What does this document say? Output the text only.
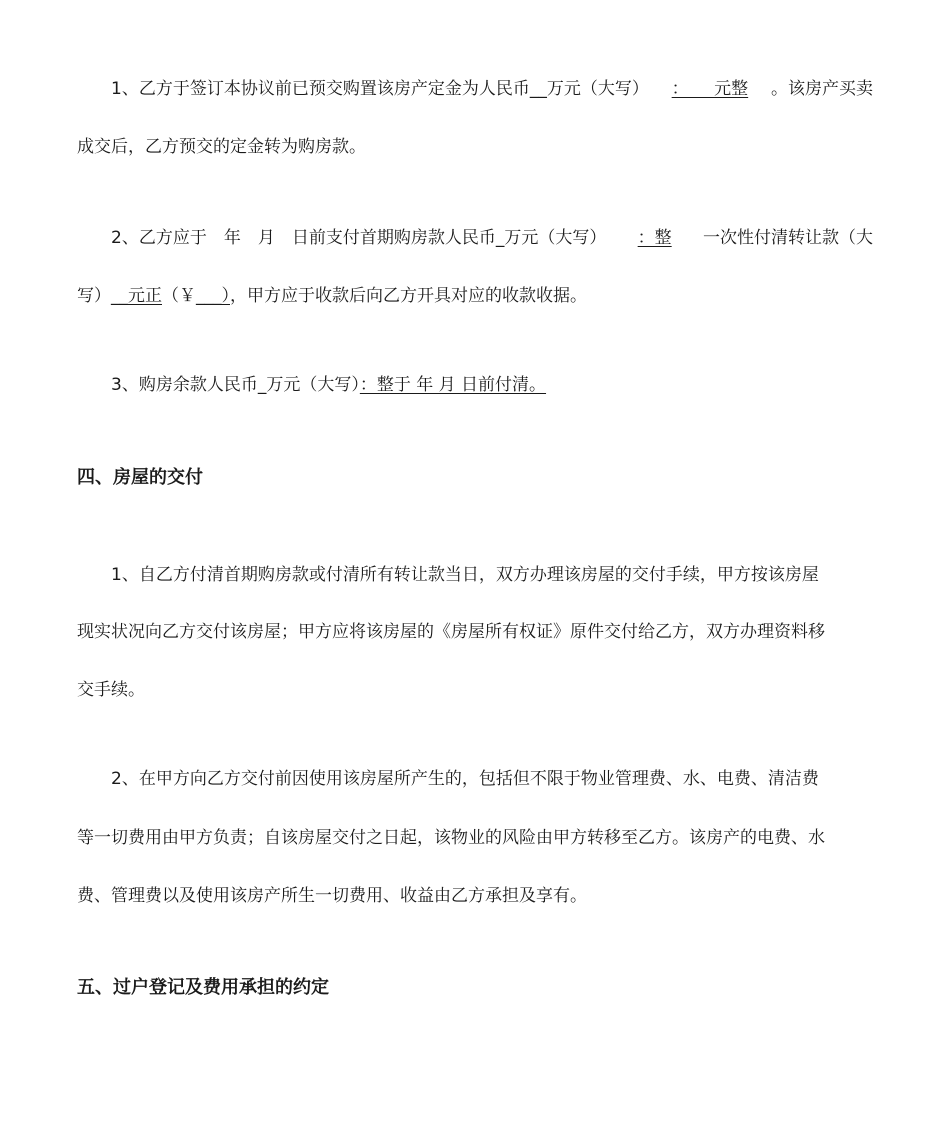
1、乙方于签订本协议前已预交购置该房产定金为人民币__万元（大写） ：　　元整 。该房产买卖
成交后，乙方预交的定金转为购房款。
2、乙方应于　年　月　日前支付首期购房款人民币_万元（大写） ：整 一次性付清转让款（大
写）__元正（￥___），甲方应于收款后向乙方开具对应的收款收据。
3、购房余款人民币_万元（大写）：整于 年 月 日前付清。
四、房屋的交付
1、自乙方付清首期购房款或付清所有转让款当日，双方办理该房屋的交付手续，甲方按该房屋
现实状况向乙方交付该房屋；甲方应将该房屋的《房屋所有权证》原件交付给乙方，双方办理资料移
交手续。
2、在甲方向乙方交付前因使用该房屋所产生的，包括但不限于物业管理费、水、电费、清洁费
等一切费用由甲方负责；自该房屋交付之日起，该物业的风险由甲方转移至乙方。该房产的电费、水
费、管理费以及使用该房产所生一切费用、收益由乙方承担及享有。
五、过户登记及费用承担的约定
